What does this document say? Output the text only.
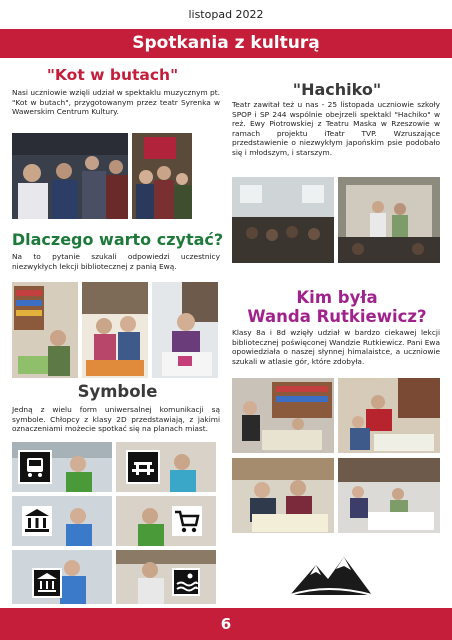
listopad 2022
Spotkania z kulturą
"Kot w butach"
Nasi uczniowie wzięli udział w spektaklu muzycznym pt. "Kot w butach", przygotowanym przez teatr Syrenka w Wawerskim Centrum Kultury.
"Hachiko"
Teatr zawitał też u nas - 25 listopada uczniowie szkoły SPOP i SP 244 wspólnie obejrzeli spektakl "Hachiko" w reż. Ewy Piotrowskiej z Teatru Maska w Rzeszowie w ramach projektu iTeatr TVP. Wzruszające przedstawienie o niezwykłym japońskim psie podobało się i młodszym, i starszym.
Dlaczego warto czytać?
Na to pytanie szukali odpowiedzi uczestnicy niezwykłych lekcji bibliotecznej z panią Ewą.
Kim była
Wanda Rutkiewicz?
Klasy 8a i 8d wzięły udział w bardzo ciekawej lekcji bibliotecznej poświęconej Wandzie Rutkiewicz. Pani Ewa opowiedziała o naszej słynnej himalaistce, a uczniowie szukali w atlasie gór, które zdobyła.
Symbole
Jedną z wielu form uniwersalnej komunikacji są symbole. Chłopcy z klasy 2D przedstawiają, z jakimi oznaczeniami możecie spotkać się na planach miast.
6
